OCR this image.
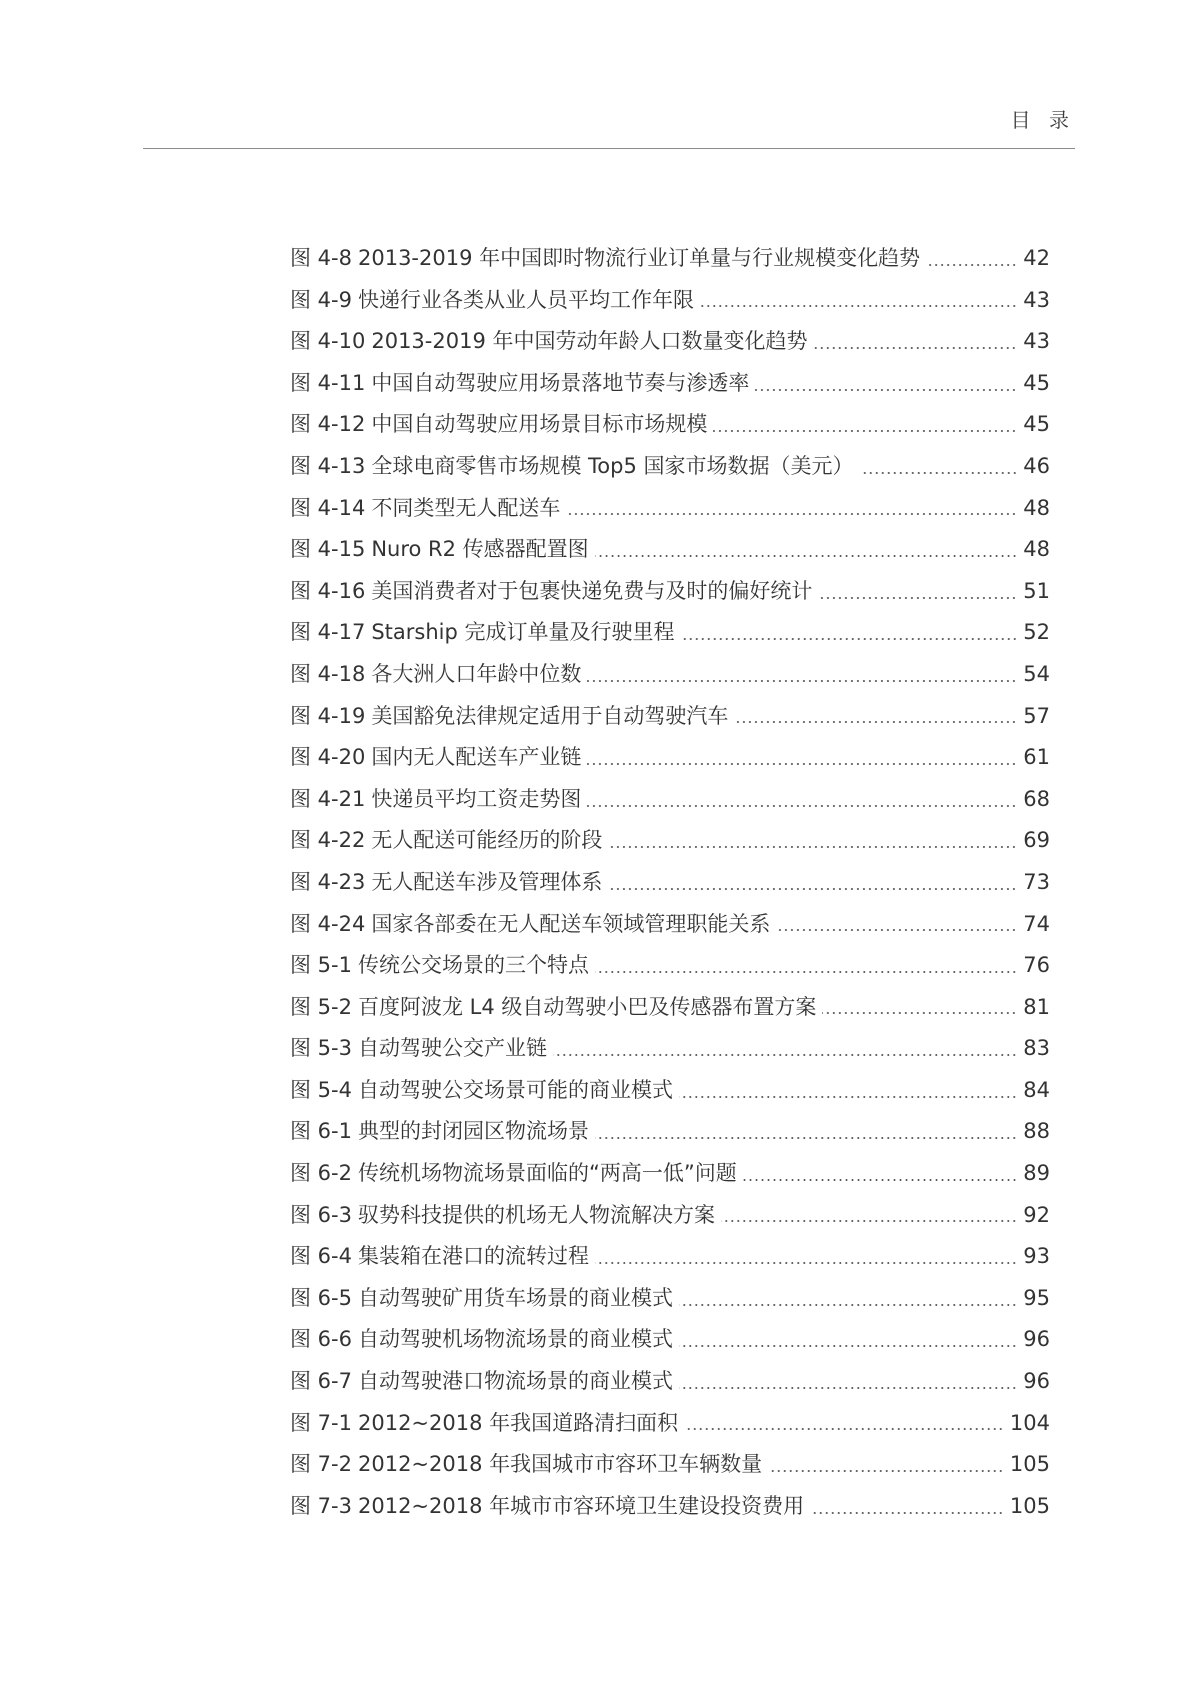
目 录
图 4-8 2013-2019 年中国即时物流行业订单量与行业规模变化趋势	42
图 4-9 快递行业各类从业人员平均工作年限	43
图 4-10 2013-2019 年中国劳动年龄人口数量变化趋势	43
图 4-11 中国自动驾驶应用场景落地节奏与渗透率	45
图 4-12 中国自动驾驶应用场景目标市场规模	45
图 4-13 全球电商零售市场规模 Top5 国家市场数据（美元）	46
图 4-14 不同类型无人配送车	48
图 4-15 Nuro R2 传感器配置图	48
图 4-16 美国消费者对于包裹快递免费与及时的偏好统计	51
图 4-17 Starship 完成订单量及行驶里程	52
图 4-18 各大洲人口年龄中位数	54
图 4-19 美国豁免法律规定适用于自动驾驶汽车	57
图 4-20 国内无人配送车产业链	61
图 4-21 快递员平均工资走势图	68
图 4-22 无人配送可能经历的阶段	69
图 4-23 无人配送车涉及管理体系	73
图 4-24 国家各部委在无人配送车领域管理职能关系	74
图 5-1 传统公交场景的三个特点	76
图 5-2 百度阿波龙 L4 级自动驾驶小巴及传感器布置方案	81
图 5-3 自动驾驶公交产业链	83
图 5-4 自动驾驶公交场景可能的商业模式	84
图 6-1 典型的封闭园区物流场景	88
图 6-2 传统机场物流场景面临的“两高一低”问题	89
图 6-3 驭势科技提供的机场无人物流解决方案	92
图 6-4 集装箱在港口的流转过程	93
图 6-5 自动驾驶矿用货车场景的商业模式	95
图 6-6 自动驾驶机场物流场景的商业模式	96
图 6-7 自动驾驶港口物流场景的商业模式	96
图 7-1 2012~2018 年我国道路清扫面积	104
图 7-2 2012~2018 年我国城市市容环卫车辆数量	105
图 7-3 2012~2018 年城市市容环境卫生建设投资费用	105
